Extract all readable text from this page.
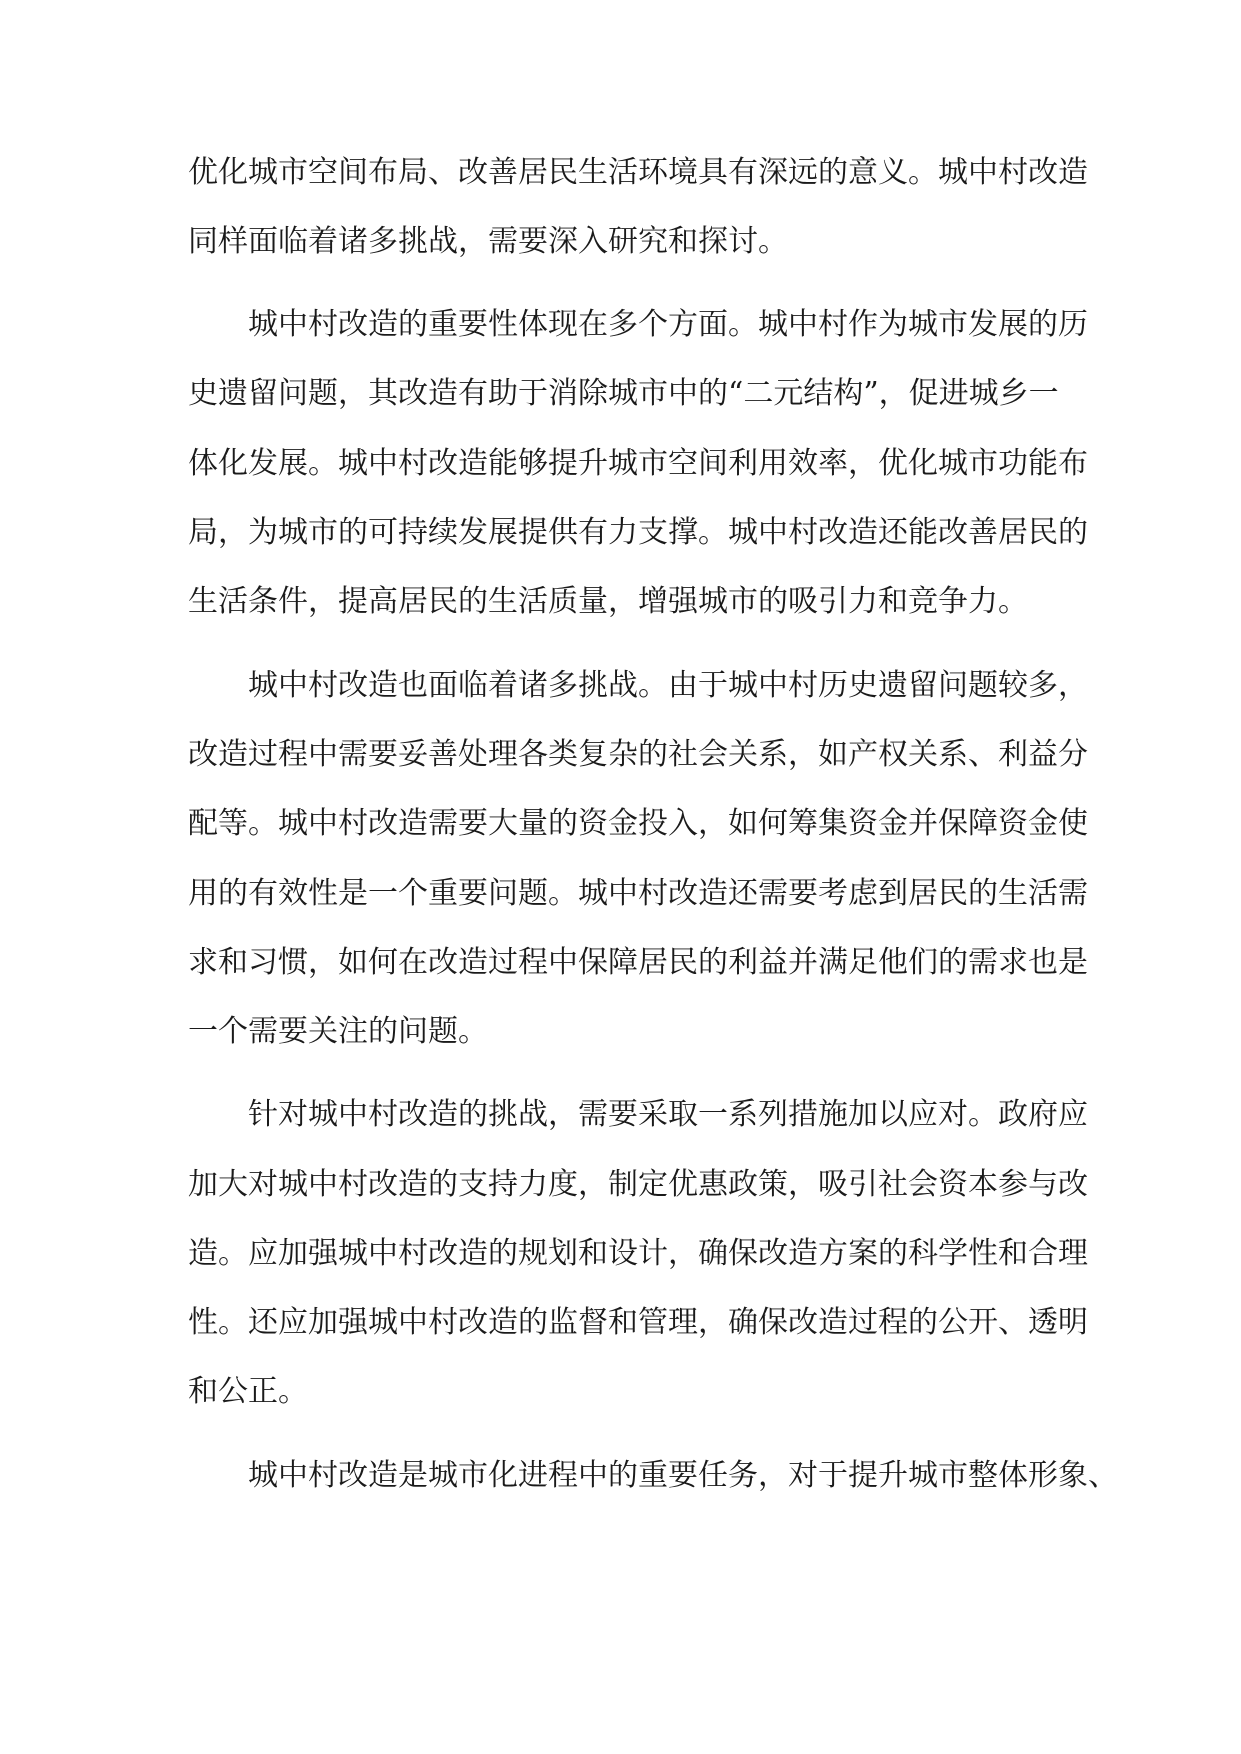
优化城市空间布局、改善居民生活环境具有深远的意义。城中村改造
同样面临着诸多挑战，需要深入研究和探讨。
城中村改造的重要性体现在多个方面。城中村作为城市发展的历
史遗留问题，其改造有助于消除城市中的“二元结构”，促进城乡一
体化发展。城中村改造能够提升城市空间利用效率，优化城市功能布
局，为城市的可持续发展提供有力支撑。城中村改造还能改善居民的
生活条件，提高居民的生活质量，增强城市的吸引力和竞争力。
城中村改造也面临着诸多挑战。由于城中村历史遗留问题较多，
改造过程中需要妥善处理各类复杂的社会关系，如产权关系、利益分
配等。城中村改造需要大量的资金投入，如何筹集资金并保障资金使
用的有效性是一个重要问题。城中村改造还需要考虑到居民的生活需
求和习惯，如何在改造过程中保障居民的利益并满足他们的需求也是
一个需要关注的问题。
针对城中村改造的挑战，需要采取一系列措施加以应对。政府应
加大对城中村改造的支持力度，制定优惠政策，吸引社会资本参与改
造。应加强城中村改造的规划和设计，确保改造方案的科学性和合理
性。还应加强城中村改造的监督和管理，确保改造过程的公开、透明
和公正。
城中村改造是城市化进程中的重要任务，对于提升城市整体形象、
